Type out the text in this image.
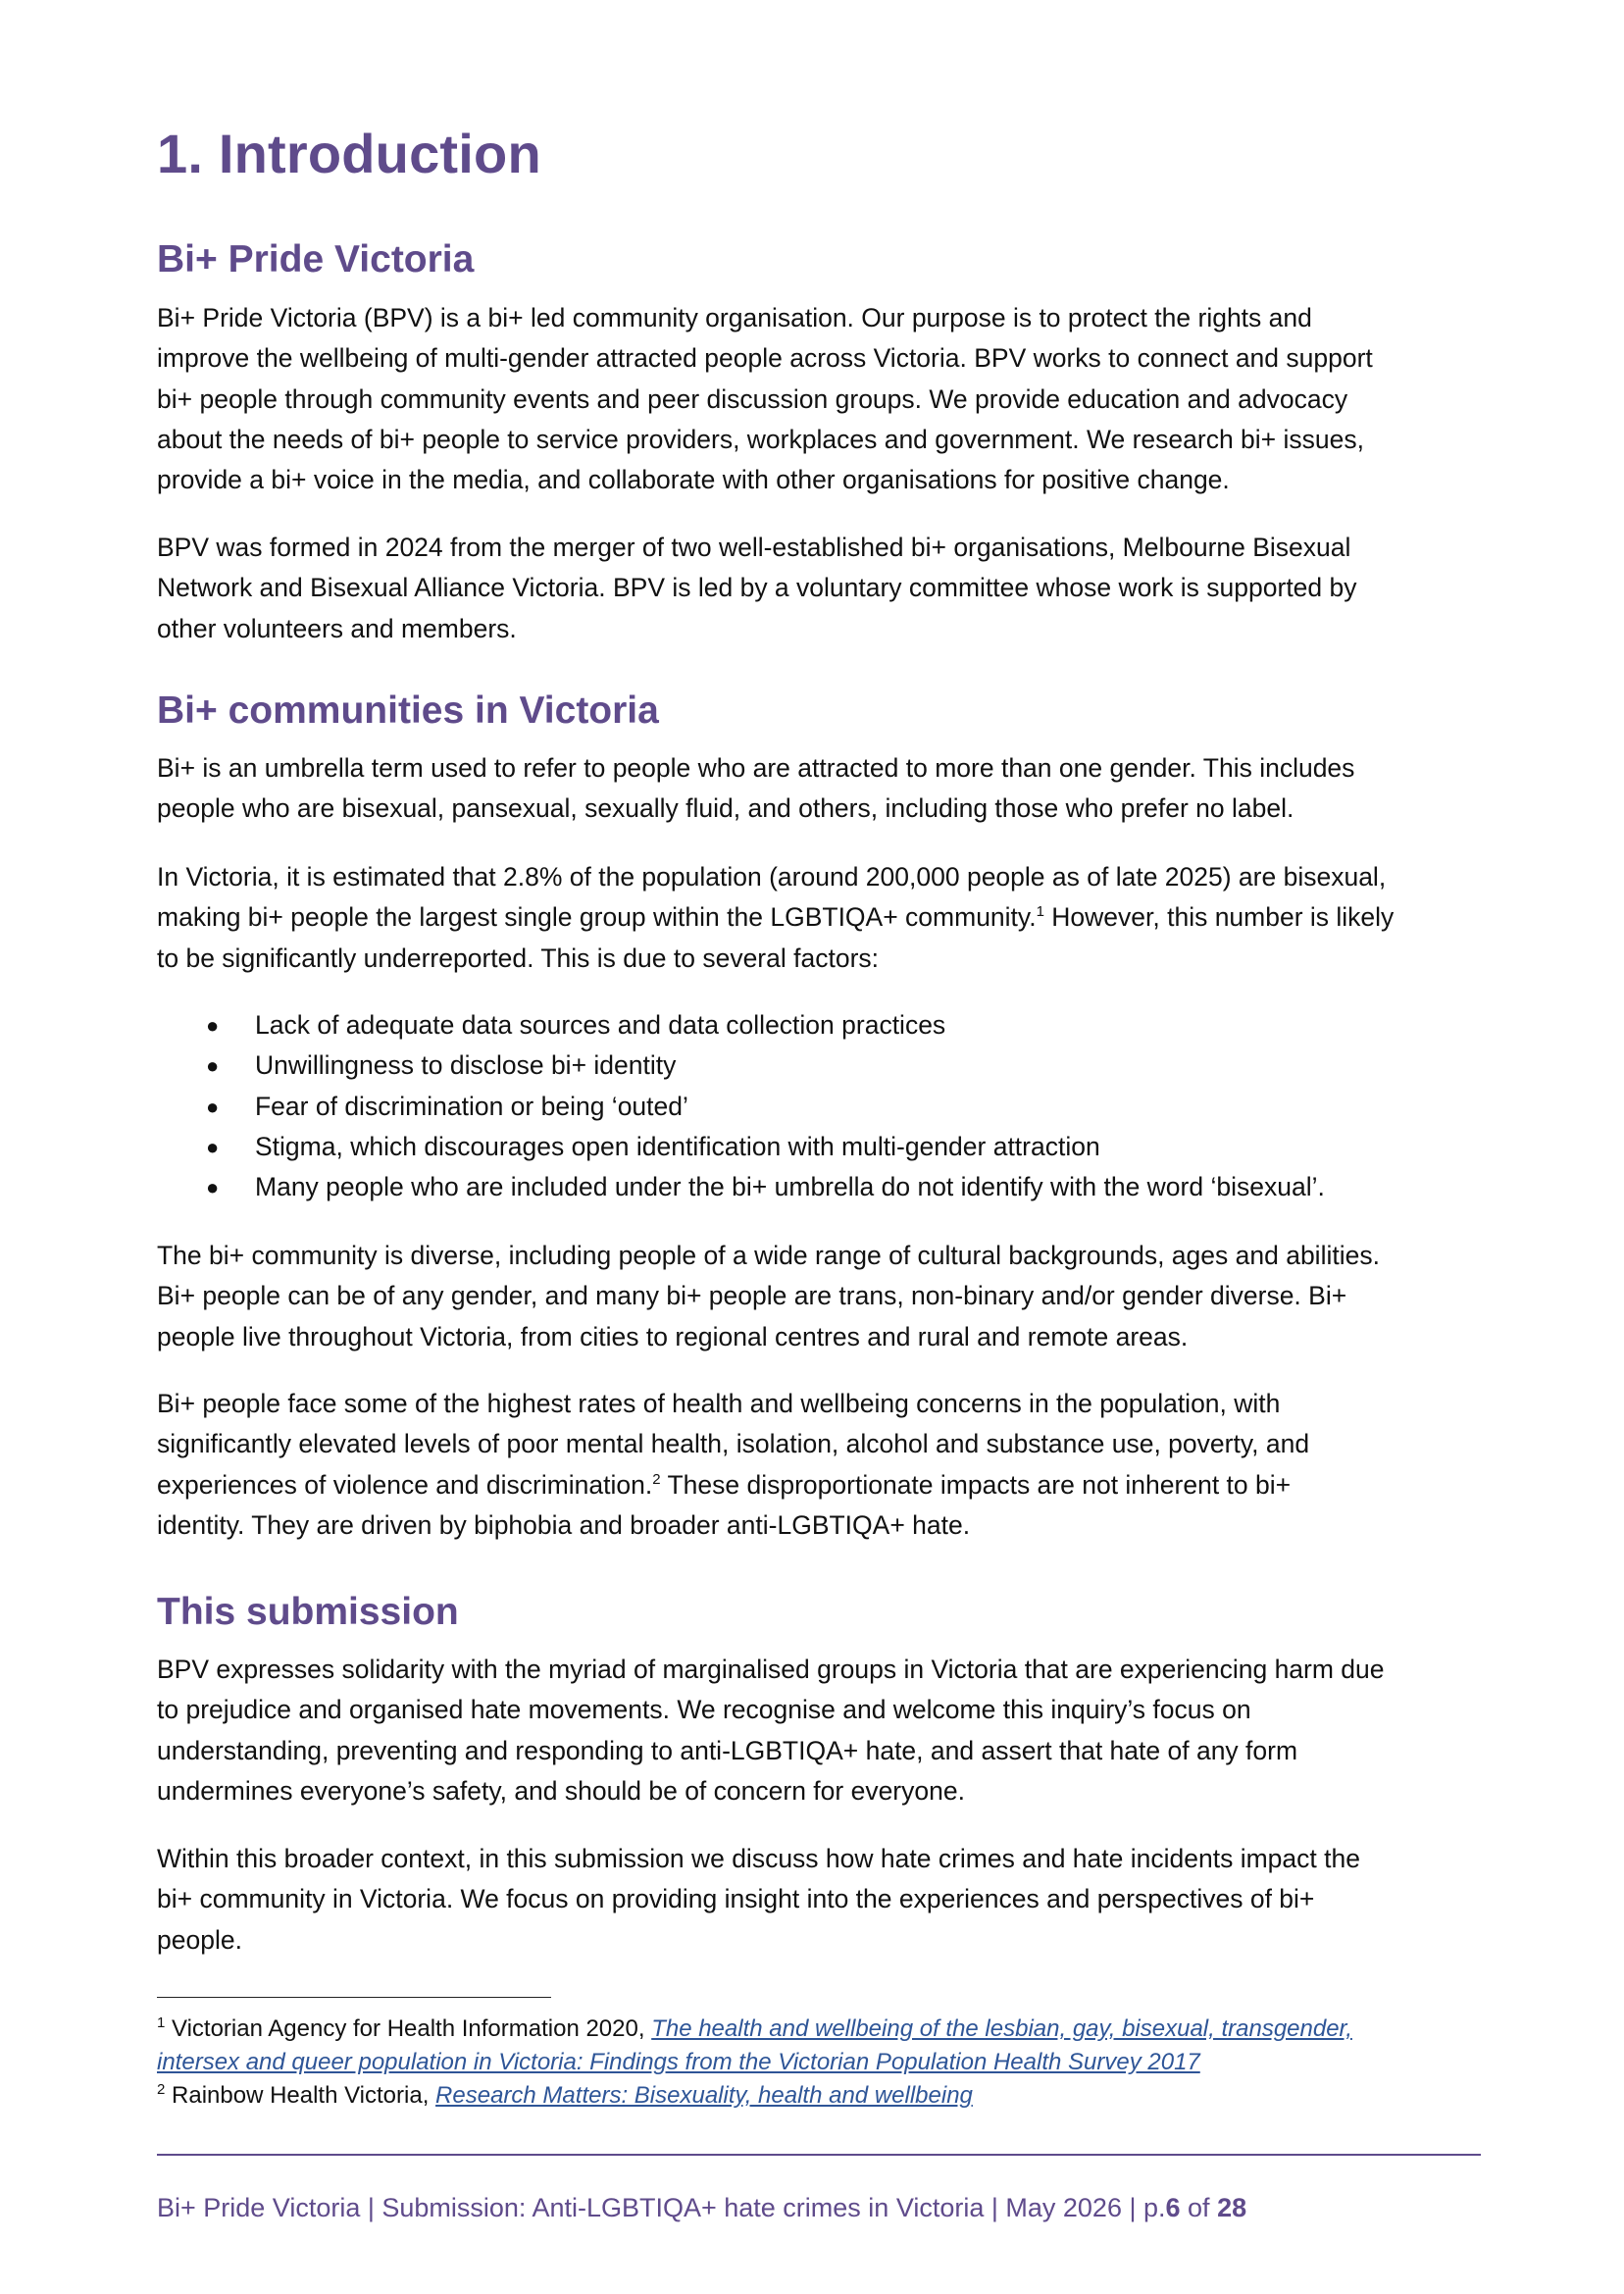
1. Introduction
Bi+ Pride Victoria

Bi+ Pride Victoria (BPV) is a bi+ led community organisation. Our purpose is to protect the rights and
improve the wellbeing of multi-gender attracted people across Victoria. BPV works to connect and support
bi+ people through community events and peer discussion groups. We provide education and advocacy
about the needs of bi+ people to service providers, workplaces and government. We research bi+ issues,
provide a bi+ voice in the media, and collaborate with other organisations for positive change.

BPV was formed in 2024 from the merger of two well-established bi+ organisations, Melbourne Bisexual
Network and Bisexual Alliance Victoria. BPV is led by a voluntary committee whose work is supported by
other volunteers and members.

Bi+ communities in Victoria

Bi+ is an umbrella term used to refer to people who are attracted to more than one gender. This includes
people who are bisexual, pansexual, sexually fluid, and others, including those who prefer no label.

In Victoria, it is estimated that 2.8% of the population (around 200,000 people as of late 2025) are bisexual,
making bi+ people the largest single group within the LGBTIQA+ community.$^1$ However, this number is likely
to be significantly underreported. This is due to several factors:

● Lack of adequate data sources and data collection practices
● Unwillingness to disclose bi+ identity
● Fear of discrimination or being ‘outed’
● Stigma, which discourages open identification with multi-gender attraction
● Many people who are included under the bi+ umbrella do not identify with the word ‘bisexual’.

The bi+ community is diverse, including people of a wide range of cultural backgrounds, ages and abilities.
Bi+ people can be of any gender, and many bi+ people are trans, non-binary and/or gender diverse. Bi+
people live throughout Victoria, from cities to regional centres and rural and remote areas.

Bi+ people face some of the highest rates of health and wellbeing concerns in the population, with
significantly elevated levels of poor mental health, isolation, alcohol and substance use, poverty, and
experiences of violence and discrimination.$^2$ These disproportionate impacts are not inherent to bi+
identity. They are driven by biphobia and broader anti-LGBTIQA+ hate.

This submission

BPV expresses solidarity with the myriad of marginalised groups in Victoria that are experiencing harm due
to prejudice and organised hate movements. We recognise and welcome this inquiry’s focus on
understanding, preventing and responding to anti-LGBTIQA+ hate, and assert that hate of any form
undermines everyone’s safety, and should be of concern for everyone.

Within this broader context, in this submission we discuss how hate crimes and hate incidents impact the
bi+ community in Victoria. We focus on providing insight into the experiences and perspectives of bi+
people.

$^1$ Victorian Agency for Health Information 2020, The health and wellbeing of the lesbian, gay, bisexual, transgender,
intersex and queer population in Victoria: Findings from the Victorian Population Health Survey 2017
$^2$ Rainbow Health Victoria, Research Matters: Bisexuality, health and wellbeing
Bi+ Pride Victoria | Submission: Anti-LGBTIQA+ hate crimes in Victoria | May 2026 | p.6 of 28
